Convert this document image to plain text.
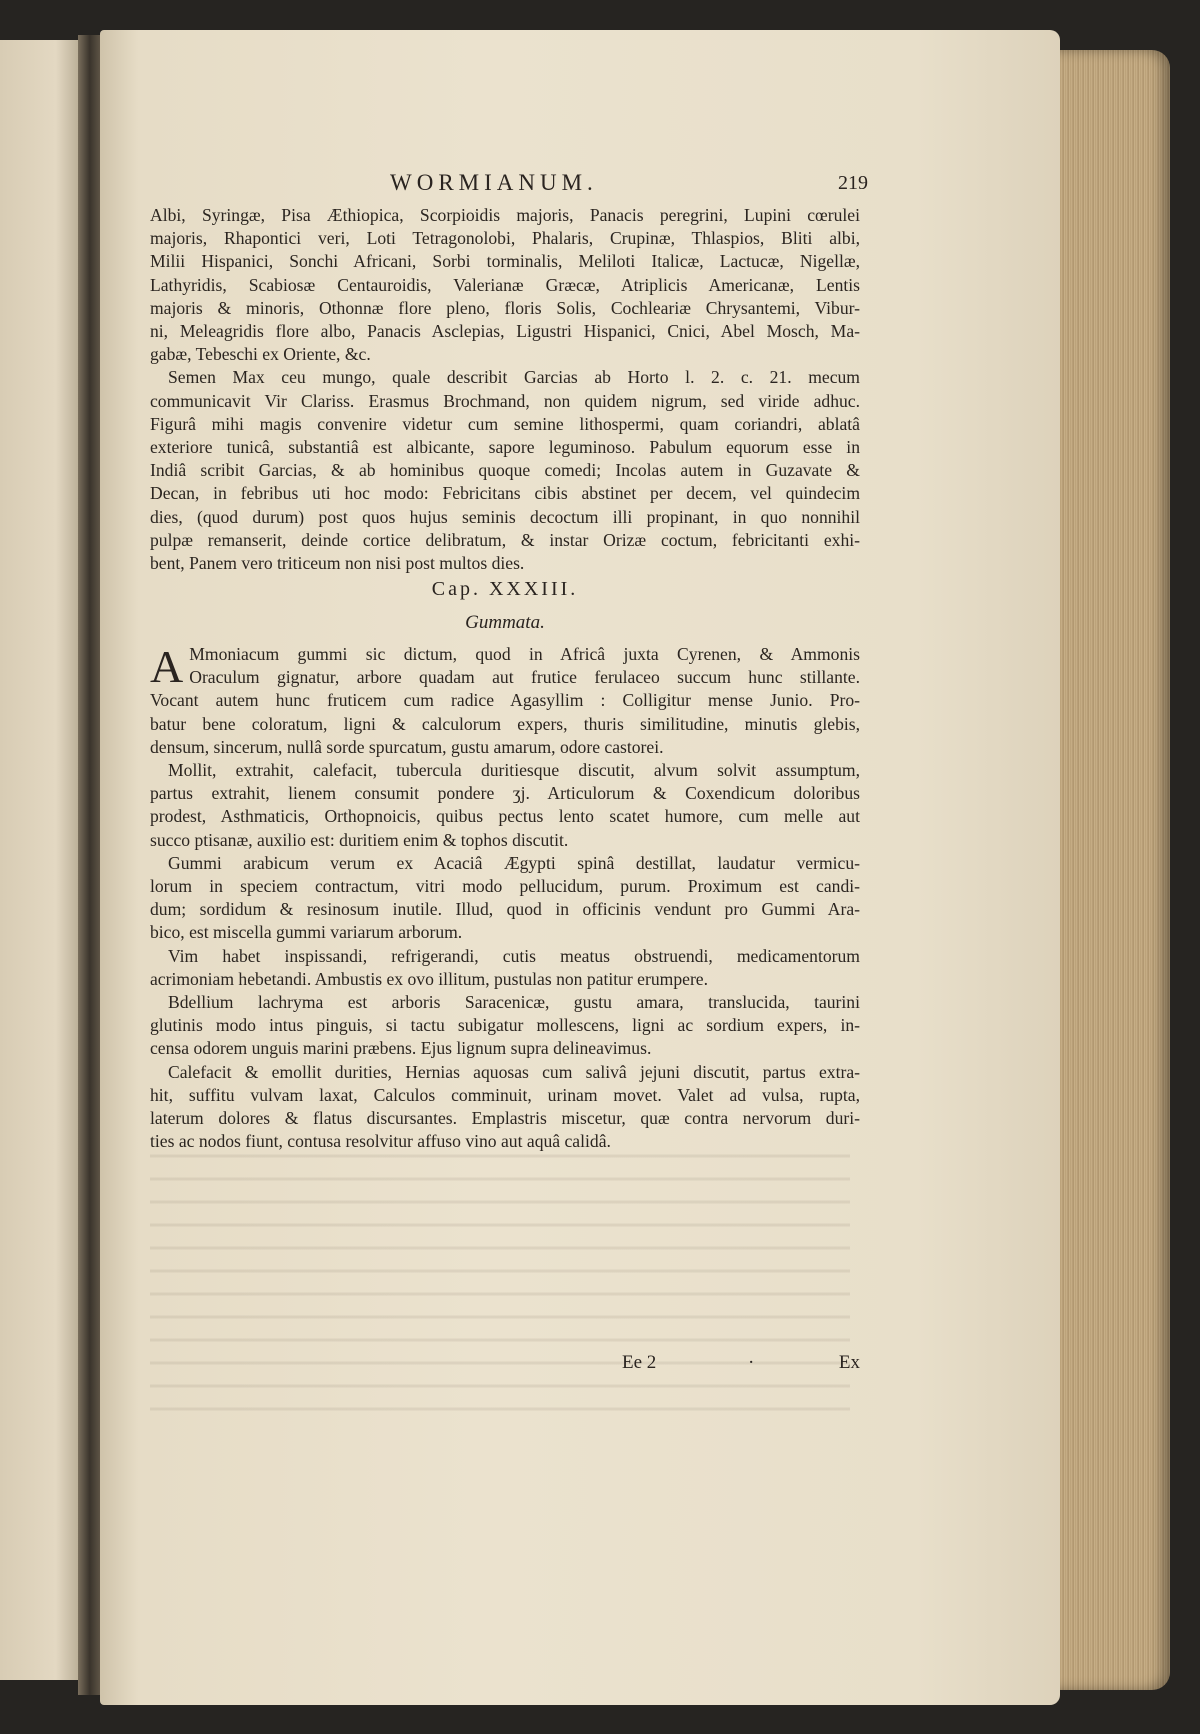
WORMIANUM.	219
Albi, Syringæ, Pisa Æthiopica, Scorpioidis majoris, Panacis peregrini, Lupini cœrulei
majoris, Rhapontici veri, Loti Tetragonolobi, Phalaris, Crupinæ, Thlaspios, Bliti albi,
Milii Hispanici, Sonchi Africani, Sorbi torminalis, Meliloti Italicæ, Lactucæ, Nigellæ,
Lathyridis, Scabiosæ Centauroidis, Valerianæ Græcæ, Atriplicis Americanæ, Lentis
majoris & minoris, Othonnæ flore pleno, floris Solis, Cochleariæ Chrysantemi, Vibur-
ni, Meleagridis flore albo, Panacis Asclepias, Ligustri Hispanici, Cnici, Abel Mosch, Ma-
gabæ, Tebeschi ex Oriente, &c.
Semen Max ceu mungo, quale describit Garcias ab Horto l. 2. c. 21. mecum
communicavit Vir Clariss. Erasmus Brochmand, non quidem nigrum, sed viride adhuc.
Figurâ mihi magis convenire videtur cum semine lithospermi, quam coriandri, ablatâ
exteriore tunicâ, substantiâ est albicante, sapore leguminoso. Pabulum equorum esse in
Indiâ scribit Garcias, & ab hominibus quoque comedi; Incolas autem in Guzavate &
Decan, in febribus uti hoc modo: Febricitans cibis abstinet per decem, vel quindecim
dies, (quod durum) post quos hujus seminis decoctum illi propinant, in quo nonnihil
pulpæ remanserit, deinde cortice delibratum, & instar Orizæ coctum, febricitanti exhi-
bent, Panem vero triticeum non nisi post multos dies.
Cap. XXXIII.
Gummata.
A Mmoniacum gummi sic dictum, quod in Africâ juxta Cyrenen, & Ammonis
Oraculum gignatur, arbore quadam aut frutice ferulaceo succum hunc stillante.
Vocant autem hunc fruticem cum radice Agasyllim : Colligitur mense Junio. Pro-
batur bene coloratum, ligni & calculorum expers, thuris similitudine, minutis glebis,
densum, sincerum, nullâ sorde spurcatum, gustu amarum, odore castorei.
Mollit, extrahit, calefacit, tubercula duritiesque discutit, alvum solvit assumptum,
partus extrahit, lienem consumit pondere ʒj. Articulorum & Coxendicum doloribus
prodest, Asthmaticis, Orthopnoicis, quibus pectus lento scatet humore, cum melle aut
succo ptisanæ, auxilio est: duritiem enim & tophos discutit.
Gummi arabicum verum ex Acaciâ Ægypti spinâ destillat, laudatur vermicu-
lorum in speciem contractum, vitri modo pellucidum, purum. Proximum est candi-
dum; sordidum & resinosum inutile. Illud, quod in officinis vendunt pro Gummi Ara-
bico, est miscella gummi variarum arborum.
Vim habet inspissandi, refrigerandi, cutis meatus obstruendi, medicamentorum
acrimoniam hebetandi. Ambustis ex ovo illitum, pustulas non patitur erumpere.
Bdellium lachryma est arboris Saracenicæ, gustu amara, translucida, taurini
glutinis modo intus pinguis, si tactu subigatur mollescens, ligni ac sordium expers, in-
censa odorem unguis marini præbens. Ejus lignum supra delineavimus.
Calefacit & emollit durities, Hernias aquosas cum salivâ jejuni discutit, partus extra-
hit, suffitu vulvam laxat, Calculos comminuit, urinam movet. Valet ad vulsa, rupta,
laterum dolores & flatus discursantes. Emplastris miscetur, quæ contra nervorum duri-
ties ac nodos fiunt, contusa resolvitur affuso vino aut aquâ calidâ.
Ee 2	·	Ex
